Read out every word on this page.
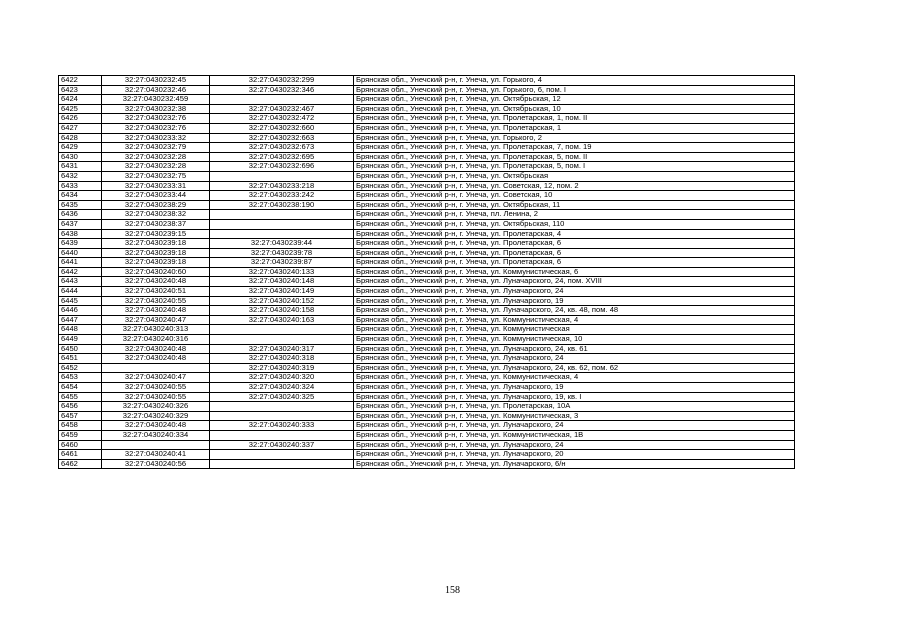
6422	32:27:0430232:45	32:27:0430232:299	Брянская обл., Унечский р-н, г. Унеча, ул. Горького, 4
6423	32:27:0430232:46	32:27:0430232:346	Брянская обл., Унечский р-н, г. Унеча, ул. Горького, 6, пом. I
6424	32:27:0430232:459		Брянская обл., Унечский р-н, г. Унеча, ул. Октябрьская, 12
6425	32:27:0430232:38	32:27:0430232:467	Брянская обл., Унечский р-н, г. Унеча, ул. Октябрьская, 10
6426	32:27:0430232:76	32:27:0430232:472	Брянская обл., Унечский р-н, г. Унеча, ул. Пролетарская, 1, пом. II
6427	32:27:0430232:76	32:27:0430232:660	Брянская обл., Унечский р-н, г. Унеча, ул. Пролетарская, 1
6428	32:27:0430233:32	32:27:0430232:663	Брянская обл., Унечский р-н, г. Унеча, ул. Горького, 2
6429	32:27:0430232:79	32:27:0430232:673	Брянская обл., Унечский р-н, г. Унеча, ул. Пролетарская, 7, пом. 19
6430	32:27:0430232:28	32:27:0430232:695	Брянская обл., Унечский р-н, г. Унеча, ул. Пролетарская, 5, пом. II
6431	32:27:0430232:28	32:27:0430232:696	Брянская обл., Унечский р-н, г. Унеча, ул. Пролетарская, 5, пом. I
6432	32:27:0430232:75		Брянская обл., Унечский р-н, г. Унеча, ул. Октябрьская
6433	32:27:0430233:31	32:27:0430233:218	Брянская обл., Унечский р-н, г. Унеча, ул. Советская, 12, пом. 2
6434	32:27:0430233:44	32:27:0430233:242	Брянская обл., Унечский р-н, г. Унеча, ул. Советская, 10
6435	32:27:0430238:29	32:27:0430238:190	Брянская обл., Унечский р-н, г. Унеча, ул. Октябрьская, 11
6436	32:27:0430238:32		Брянская обл., Унечский р-н, г. Унеча, пл. Ленина, 2
6437	32:27:0430238:37		Брянская обл., Унечский р-н, г. Унеча, ул. Октябрьская, 110
6438	32:27:0430239:15		Брянская обл., Унечский р-н, г. Унеча, ул. Пролетарская, 4
6439	32:27:0430239:18	32:27:0430239:44	Брянская обл., Унечский р-н, г. Унеча, ул. Пролетарская, 6
6440	32:27:0430239:18	32:27:0430239:78	Брянская обл., Унечский р-н, г. Унеча, ул. Пролетарская, 6
6441	32:27:0430239:18	32:27:0430239:87	Брянская обл., Унечский р-н, г. Унеча, ул. Пролетарская, 6
6442	32:27:0430240:60	32:27:0430240:133	Брянская обл., Унечский р-н, г. Унеча, ул. Коммунистическая, 6
6443	32:27:0430240:48	32:27:0430240:148	Брянская обл., Унечский р-н, г. Унеча, ул. Луначарского, 24, пом. XVIII
6444	32:27:0430240:51	32:27:0430240:149	Брянская обл., Унечский р-н, г. Унеча, ул. Луначарского, 24
6445	32:27:0430240:55	32:27:0430240:152	Брянская обл., Унечский р-н, г. Унеча, ул. Луначарского, 19
6446	32:27:0430240:48	32:27:0430240:158	Брянская обл., Унечский р-н, г. Унеча, ул. Луначарского, 24, кв. 48, пом. 48
6447	32:27:0430240:47	32:27:0430240:163	Брянская обл., Унечский р-н, г. Унеча, ул. Коммунистическая, 4
6448	32:27:0430240:313		Брянская обл., Унечский р-н, г. Унеча, ул. Коммунистическая
6449	32:27:0430240:316		Брянская обл., Унечский р-н, г. Унеча, ул. Коммунистическая, 10
6450	32:27:0430240:48	32:27:0430240:317	Брянская обл., Унечский р-н, г. Унеча, ул. Луначарского, 24, кв. 61
6451	32:27:0430240:48	32:27:0430240:318	Брянская обл., Унечский р-н, г. Унеча, ул. Луначарского, 24
6452		32:27:0430240:319	Брянская обл., Унечский р-н, г. Унеча, ул. Луначарского, 24, кв. 62, пом. 62
6453	32:27:0430240:47	32:27:0430240:320	Брянская обл., Унечский р-н, г. Унеча, ул. Коммунистическая, 4
6454	32:27:0430240:55	32:27:0430240:324	Брянская обл., Унечский р-н, г. Унеча, ул. Луначарского, 19
6455	32:27:0430240:55	32:27:0430240:325	Брянская обл., Унечский р-н, г. Унеча, ул. Луначарского, 19, кв. I
6456	32:27:0430240:326		Брянская обл., Унечский р-н, г. Унеча, ул. Пролетарская, 10А
6457	32:27:0430240:329		Брянская обл., Унечский р-н, г. Унеча, ул. Коммунистическая, 3
6458	32:27:0430240:48	32:27:0430240:333	Брянская обл., Унечский р-н, г. Унеча, ул. Луначарского, 24
6459	32:27:0430240:334		Брянская обл., Унечский р-н, г. Унеча, ул. Коммунистическая, 1В
6460		32:27:0430240:337	Брянская обл., Унечский р-н, г. Унеча, ул. Луначарского, 24
6461	32:27:0430240:41		Брянская обл., Унечский р-н, г. Унеча, ул. Луначарского, 20
6462	32:27:0430240:56		Брянская обл., Унечский р-н, г. Унеча, ул. Луначарского, 6/н
158
